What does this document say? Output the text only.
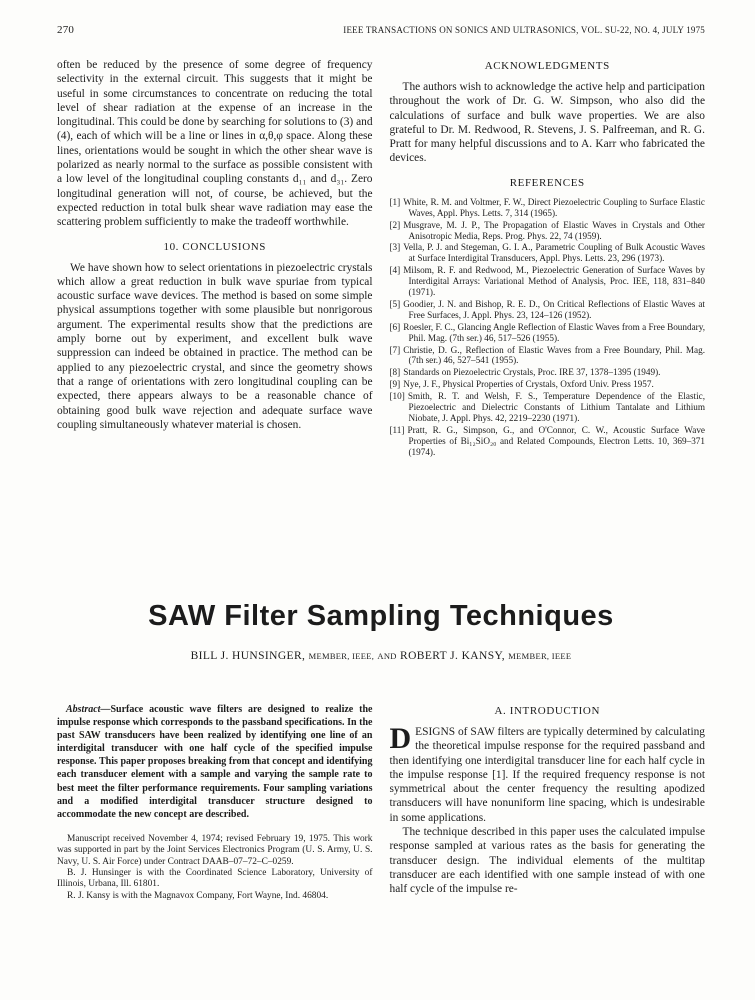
270	IEEE TRANSACTIONS ON SONICS AND ULTRASONICS, VOL. SU-22, NO. 4, JULY 1975

often be reduced by the presence of some degree of frequency selectivity in the external circuit. This suggests that it might be useful in some circumstances to concentrate on reducing the total level of shear radiation at the expense of an increase in the longitudinal. This could be done by searching for solutions to (3) and (4), each of which will be a line or lines in α,θ,φ space. Along these lines, orientations would be sought in which the other shear wave is polarized as nearly normal to the surface as possible consistent with a low level of the longitudinal coupling constants d₁₁ and d₃₁. Zero longitudinal generation will not, of course, be achieved, but the expected reduction in total bulk shear wave radiation may ease the scattering problem sufficiently to make the tradeoff worthwhile.

10. CONCLUSIONS

We have shown how to select orientations in piezoelectric crystals which allow a great reduction in bulk wave spuriae from typical acoustic surface wave devices. The method is based on some simple physical assumptions together with some plausible but nonrigorous argument. The experimental results show that the predictions are amply borne out by experiment, and excellent bulk wave suppression can indeed be obtained in practice. The method can be applied to any piezoelectric crystal, and since the geometry shows that a range of orientations with zero longitudinal coupling can be expected, there appears always to be a reasonable chance of obtaining good bulk wave rejection and adequate surface wave coupling simultaneously whatever material is chosen.

ACKNOWLEDGMENTS

The authors wish to acknowledge the active help and participation throughout the work of Dr. G. W. Simpson, who also did the calculations of surface and bulk wave properties. We are also grateful to Dr. M. Redwood, R. Stevens, J. S. Palfreeman, and R. G. Pratt for many helpful discussions and to A. Karr who fabricated the devices.

REFERENCES

[1] White, R. M. and Voltmer, F. W., Direct Piezoelectric Coupling to Surface Elastic Waves, Appl. Phys. Letts. 7, 314 (1965).

[2] Musgrave, M. J. P., The Propagation of Elastic Waves in Crystals and Other Anisotropic Media, Reps. Prog. Phys. 22, 74 (1959).

[3] Vella, P. J. and Stegeman, G. I. A., Parametric Coupling of Bulk Acoustic Waves at Surface Interdigital Transducers, Appl. Phys. Letts. 23, 296 (1973).

[4] Milsom, R. F. and Redwood, M., Piezoelectric Generation of Surface Waves by Interdigital Arrays: Variational Method of Analysis, Proc. IEE, 118, 831–840 (1971).

[5] Goodier, J. N. and Bishop, R. E. D., On Critical Reflections of Elastic Waves at Free Surfaces, J. Appl. Phys. 23, 124–126 (1952).

[6] Roesler, F. C., Glancing Angle Reflection of Elastic Waves from a Free Boundary, Phil. Mag. (7th ser.) 46, 517–526 (1955).

[7] Christie, D. G., Reflection of Elastic Waves from a Free Boundary, Phil. Mag. (7th ser.) 46, 527–541 (1955).

[8] Standards on Piezoelectric Crystals, Proc. IRE 37, 1378–1395 (1949).

[9] Nye, J. F., Physical Properties of Crystals, Oxford Univ. Press 1957.

[10] Smith, R. T. and Welsh, F. S., Temperature Dependence of the Elastic, Piezoelectric and Dielectric Constants of Lithium Tantalate and Lithium Niobate, J. Appl. Phys. 42, 2219–2230 (1971).

[11] Pratt, R. G., Simpson, G., and O'Connor, C. W., Acoustic Surface Wave Properties of Bi₁₂SiO₂₀ and Related Compounds, Electron Letts. 10, 369–371 (1974).

SAW Filter Sampling Techniques
BILL J. HUNSINGER, MEMBER, IEEE, AND ROBERT J. KANSY, MEMBER, IEEE

Abstract—Surface acoustic wave filters are designed to realize the impulse response which corresponds to the passband specifications. In the past SAW transducers have been realized by identifying one line of an interdigital transducer with one half cycle of the specified impulse response. This paper proposes breaking from that concept and identifying each transducer element with a sample and varying the sample rate to best meet the filter performance requirements. Four sampling variations and a modified interdigital transducer structure designed to accommodate the new concept are described.

Manuscript received November 4, 1974; revised February 19, 1975. This work was supported in part by the Joint Services Electronics Program (U. S. Army, U. S. Navy, U. S. Air Force) under Contract DAAB–07–72–C–0259.

B. J. Hunsinger is with the Coordinated Science Laboratory, University of Illinois, Urbana, Ill. 61801.

R. J. Kansy is with the Magnavox Company, Fort Wayne, Ind. 46804.

A. INTRODUCTION

DESIGNS of SAW filters are typically determined by calculating the theoretical impulse response for the required passband and then identifying one interdigital transducer line for each half cycle in the impulse response [1]. If the required frequency response is not symmetrical about the center frequency the resulting apodized transducers will have nonuniform line spacing, which is undesirable in some applications.

The technique described in this paper uses the calculated impulse response sampled at various rates as the basis for generating the transducer design. The individual elements of the multitap transducer are each identified with one sample instead of with one half cycle of the impulse re-
